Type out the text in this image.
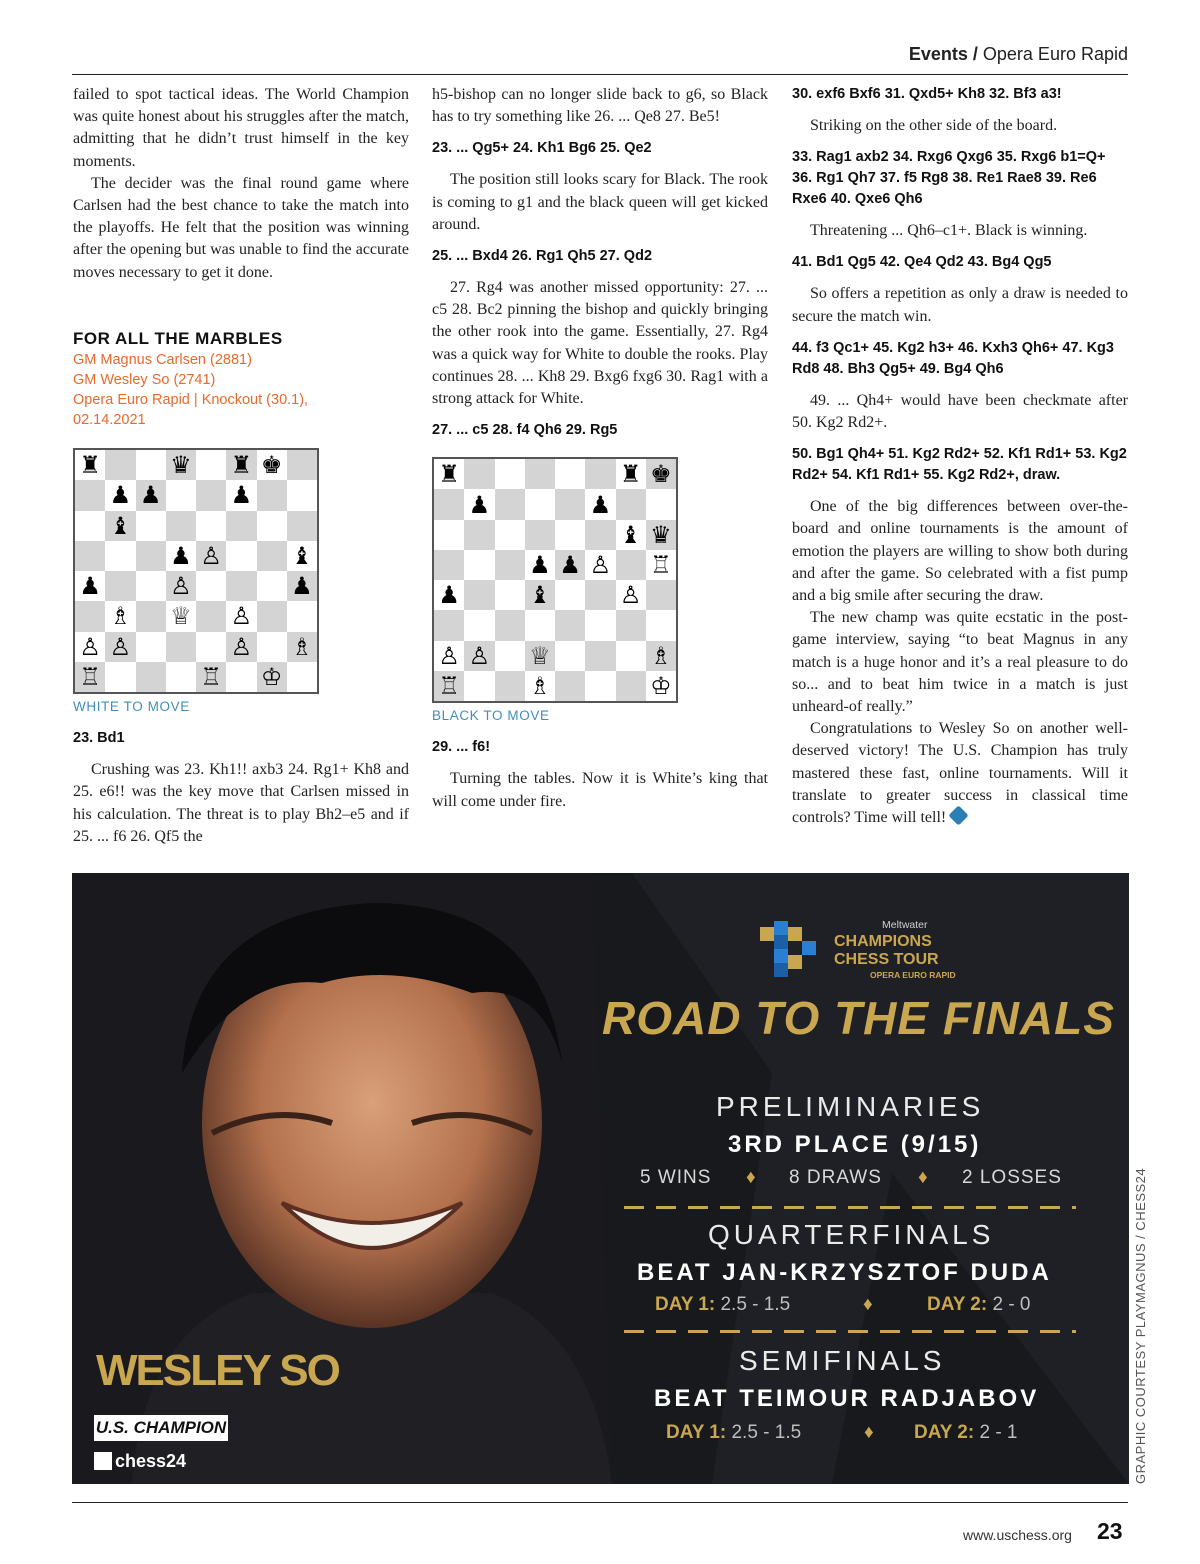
Events / Opera Euro Rapid

failed to spot tactical ideas. The World Champion was quite honest about his struggles after the match, admitting that he didn’t trust himself in the key moments.

The decider was the final round game where Carlsen had the best chance to take the match into the playoffs. He felt that the position was winning after the opening but was unable to find the accurate moves necessary to get it done.

FOR ALL THE MARBLES
GM Magnus Carlsen (2881)
GM Wesley So (2741)
Opera Euro Rapid | Knockout (30.1),
02.14.2021
♜︎	♛︎ ♜︎ ♚︎
♟︎ ♟︎	♟︎
♝︎
♟︎ ♙︎	♝︎
♟︎	♙︎	♟︎
♗︎ ♕︎ ♙︎
♙︎ ♙︎	♙︎ ♗︎
♖︎	♖︎ ♔︎
WHITE TO MOVE
23. Bd1

Crushing was 23. Kh1!! axb3 24. Rg1+ Kh8 and 25. e6!! was the key move that Carlsen missed in his calculation. The threat is to play Bh2–e5 and if 25. ... f6 26. Qf5 the

h5-bishop can no longer slide back to g6, so Black has to try something like 26. ... Qe8 27. Be5!

23. ... Qg5+ 24. Kh1 Bg6 25. Qe2

The position still looks scary for Black. The rook is coming to g1 and the black queen will get kicked around.

25. ... Bxd4 26. Rg1 Qh5 27. Qd2

27. Rg4 was another missed opportunity: 27. ... c5 28. Bc2 pinning the bishop and quickly bringing the other rook into the game. Essentially, 27. Rg4 was a quick way for White to double the rooks. Play continues 28. ... Kh8 29. Bxg6 fxg6 30. Rag1 with a strong attack for White.

27. ... c5 28. f4 Qh6 29. Rg5
♜︎	♜︎ ♚︎
♟︎	♟︎
♝︎ ♛︎
♟︎ ♟︎ ♙︎ ♖︎
♟︎	♝︎	♙︎
♙︎ ♙︎ ♕︎	♗︎
♖︎	♗︎	♔︎
BLACK TO MOVE
29. ... f6!

Turning the tables. Now it is White’s king that will come under fire.

30. exf6 Bxf6 31. Qxd5+ Kh8 32. Bf3 a3!

Striking on the other side of the board.

33. Rag1 axb2 34. Rxg6 Qxg6 35. Rxg6 b1=Q+ 36. Rg1 Qh7 37. f5 Rg8 38. Re1 Rae8 39. Re6 Rxe6 40. Qxe6 Qh6

Threatening ... Qh6–c1+. Black is winning.

41. Bd1 Qg5 42. Qe4 Qd2 43. Bg4 Qg5

So offers a repetition as only a draw is needed to secure the match win.

44. f3 Qc1+ 45. Kg2 h3+ 46. Kxh3 Qh6+ 47. Kg3 Rd8 48. Bh3 Qg5+ 49. Bg4 Qh6

49. ... Qh4+ would have been checkmate after 50. Kg2 Rd2+.

50. Bg1 Qh4+ 51. Kg2 Rd2+ 52. Kf1 Rd1+ 53. Kg2 Rd2+ 54. Kf1 Rd1+ 55. Kg2 Rd2+, draw.

One of the big differences between over-the-board and online tournaments is the amount of emotion the players are willing to show both during and after the game. So celebrated with a fist pump and a big smile after securing the draw.

The new champ was quite ecstatic in the post-game interview, saying “to beat Magnus in any match is a huge honor and it’s a real pleasure to do so... and to beat him twice in a match is just unheard-of really.”

Congratulations to Wesley So on another well-deserved victory! The U.S. Champion has truly mastered these fast, online tournaments. Will it translate to greater success in classical time controls? Time will tell!

Meltwater
CHAMPIONS
CHESS TOUR
OPERA EURO RAPID
ROAD TO THE FINALS
PRELIMINARIES
3RD PLACE (9/15)
5 WINS ♦ 8 DRAWS ♦ 2 LOSSES
QUARTERFINALS
BEAT JAN-KRZYSZTOF DUDA
DAY 1: 2.5 - 1.5	♦	DAY 2: 2 - 0
SEMIFINALS
BEAT TEIMOUR RADJABOV
DAY 1: 2.5 - 1.5	♦ DAY 2: 2 - 1
WESLEY SO
U.S. CHAMPION
chess24	GRAPHIC COURTESY PLAYMAGNUS / CHESS24
www.uschess.org 23
